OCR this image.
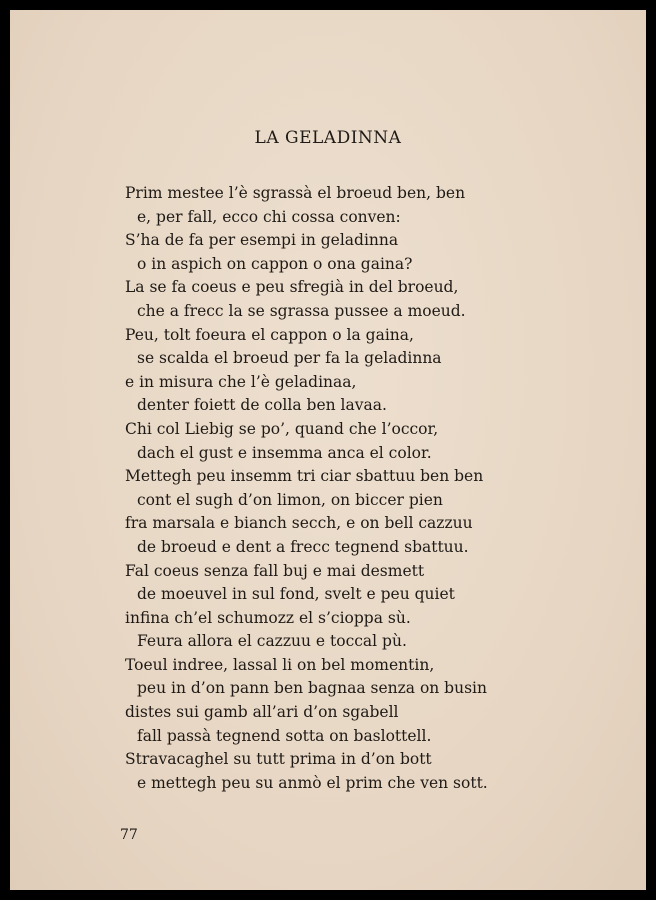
LA GELADINNA
Prim mestee l’è sgrassà el broeud ben, ben
e, per fall, ecco chi cossa conven:
S’ha de fa per esempi in geladinna
o in aspich on cappon o ona gaina?
La se fa coeus e peu sfregià in del broeud,
che a frecc la se sgrassa pussee a moeud.
Peu, tolt foeura el cappon o la gaina,
se scalda el broeud per fa la geladinna
e in misura che l’è geladinaa,
denter foiett de colla ben lavaa.
Chi col Liebig se po’, quand che l’occor,
dach el gust e insemma anca el color.
Mettegh peu insemm tri ciar sbattuu ben ben
cont el sugh d’on limon, on biccer pien
fra marsala e bianch secch, e on bell cazzuu
de broeud e dent a frecc tegnend sbattuu.
Fal coeus senza fall buj e mai desmett
de moeuvel in sul fond, svelt e peu quiet
infina ch’el schumozz el s’cioppa sù.
Feura allora el cazzuu e toccal pù.
Toeul indree, lassal li on bel momentin,
peu in d’on pann ben bagnaa senza on busin
distes sui gamb all’ari d’on sgabell
fall passà tegnend sotta on baslottell.
Stravacaghel su tutt prima in d’on bott
e mettegh peu su anmò el prim che ven sott.
77
